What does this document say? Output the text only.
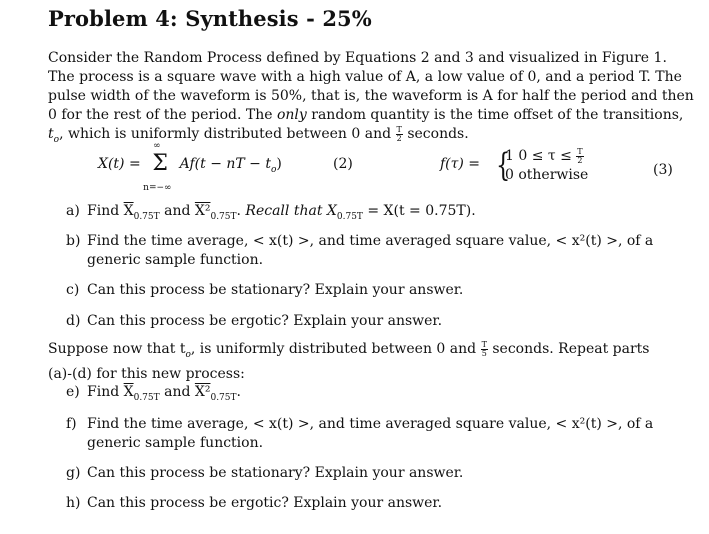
Problem 4: Synthesis - 25%
Consider the Random Process defined by Equations 2 and 3 and visualized in Figure 1.
The process is a square wave with a high value of A, a low value of 0, and a period T. The
pulse width of the waveform is 50%, that is, the waveform is A for half the period and then
0 for the rest of the period. The only random quantity is the time offset of the transitions,
$t_o$, which is uniformly distributed between 0 and $\frac{T}{2}$ seconds.
X(t) =
∞
Σ
n=−∞
Af(t − nT − $t_o$)	(2)	f(τ) = {
1 $0 \le \tau \le \frac{T}{2}$
0 otherwise	(3)
a) Find $\overline{X}_{0.75T}$ and $X^2_{0.75T}$. Recall that $X_{0.75T} = X(t = 0.75T)$.
b) Find the time average, < x(t) >, and time averaged square value, < x²(t) >, of a
generic sample function.
c) Can this process be stationary? Explain your answer.
d) Can this process be ergotic? Explain your answer.
Suppose now that $t_o$, is uniformly distributed between 0 and $\frac{T}{5}$ seconds. Repeat parts
(a)-(d) for this new process:
e) Find $\overline{X}_{0.75T}$ and $X^2_{0.75T}$.
f) Find the time average, < x(t) >, and time averaged square value, < x²(t) >, of a
generic sample function.
g) Can this process be stationary? Explain your answer.
h) Can this process be ergotic? Explain your answer.
